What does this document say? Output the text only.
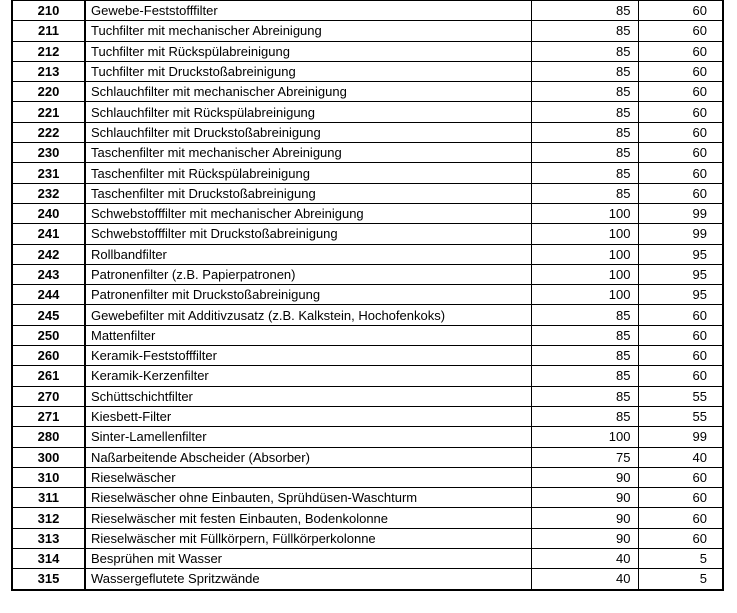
210	Gewebe-Feststofffilter	85	60
211	Tuchfilter mit mechanischer Abreinigung	85	60
212	Tuchfilter mit Rückspülabreinigung	85	60
213	Tuchfilter mit Druckstoßabreinigung	85	60
220	Schlauchfilter mit mechanischer Abreinigung	85	60
221	Schlauchfilter mit Rückspülabreinigung	85	60
222	Schlauchfilter mit Druckstoßabreinigung	85	60
230	Taschenfilter mit mechanischer Abreinigung	85	60
231	Taschenfilter mit Rückspülabreinigung	85	60
232	Taschenfilter mit Druckstoßabreinigung	85	60
240	Schwebstofffilter mit mechanischer Abreinigung	100	99
241	Schwebstofffilter mit Druckstoßabreinigung	100	99
242	Rollbandfilter	100	95
243	Patronenfilter (z.B. Papierpatronen)	100	95
244	Patronenfilter mit Druckstoßabreinigung	100	95
245	Gewebefilter mit Additivzusatz (z.B. Kalkstein, Hochofenkoks)	85	60
250	Mattenfilter	85	60
260	Keramik-Feststofffilter	85	60
261	Keramik-Kerzenfilter	85	60
270	Schüttschichtfilter	85	55
271	Kiesbett-Filter	85	55
280	Sinter-Lamellenfilter	100	99
300	Naßarbeitende Abscheider (Absorber)	75	40
310	Rieselwäscher	90	60
311	Rieselwäscher ohne Einbauten, Sprühdüsen-Waschturm	90	60
312	Rieselwäscher mit festen Einbauten, Bodenkolonne	90	60
313	Rieselwäscher mit Füllkörpern, Füllkörperkolonne	90	60
314	Besprühen mit Wasser	40	5
315	Wassergeflutete Spritzwände	40	5
